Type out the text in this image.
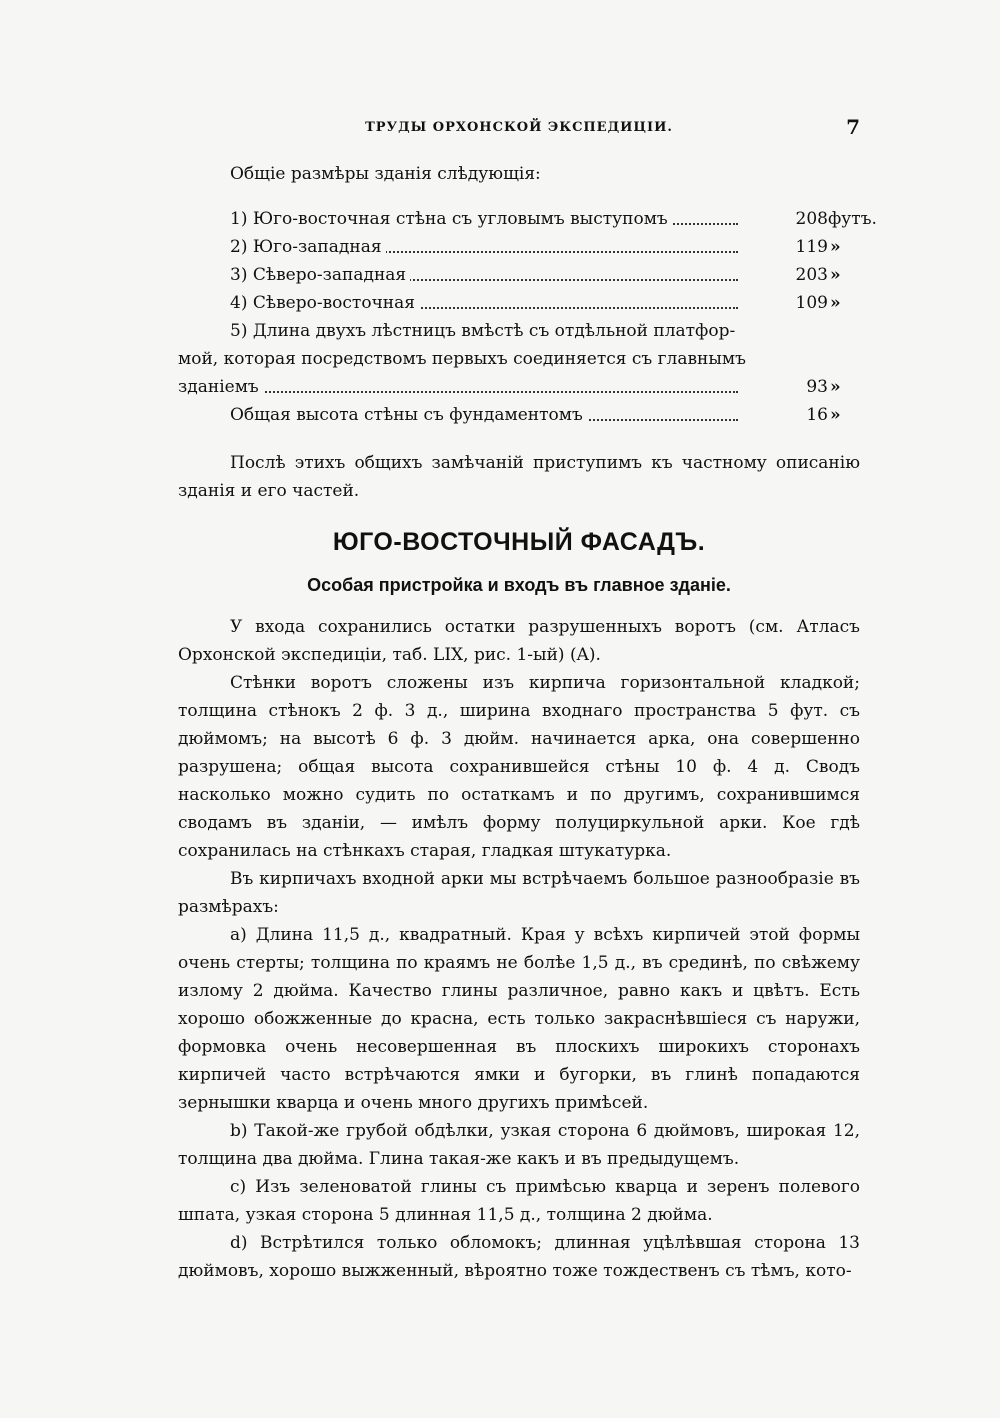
ТРУДЫ ОРХОНСКОЙ ЭКСПЕДИЦІИ.	7
Общіе размѣры зданія слѣдующія:
1) Юго-восточная стѣна съ угловымъ выступомъ	208 футъ.
2) Юго-западная	119 »
3) Сѣверо-западная	203 »
4) Сѣверо-восточная	109 »

5) Длина двухъ лѣстницъ вмѣстѣ съ отдѣльной платфор-

мой, которая посредствомъ первыхъ соединяется съ главнымъ

зданіемъ	93 »
Общая высота стѣны съ фундаментомъ	16 »

Послѣ этихъ общихъ замѣчаній приступимъ къ частному описанію зданія и его частей.

ЮГО-ВОСТОЧНЫЙ ФАСАДЪ.
Особая пристройка и входъ въ главное зданіе.

У входа сохранились остатки разрушенныхъ воротъ (см. Атласъ Орхонской экспедиціи, таб. LIX, рис. 1-ый) (A).

Стѣнки воротъ сложены изъ кирпича горизонтальной кладкой; толщина стѣнокъ 2 ф. 3 д., ширина входнаго пространства 5 фут. съ дюймомъ; на высотѣ 6 ф. 3 дюйм. начинается арка, она совершенно разрушена; общая высота сохранившейся стѣны 10 ф. 4 д. Сводъ насколько можно судить по остаткамъ и по другимъ, сохранившимся сводамъ въ зданіи, — имѣлъ форму полуциркульной арки. Кое гдѣ сохранилась на стѣнкахъ старая, гладкая штукатурка.

Въ кирпичахъ входной арки мы встрѣчаемъ большое разнообразіе въ размѣрахъ:

a) Длина 11,5 д., квадратный. Края у всѣхъ кирпичей этой формы очень стерты; толщина по краямъ не болѣе 1,5 д., въ срединѣ, по свѣжему излому 2 дюйма. Качество глины различное, равно какъ и цвѣтъ. Есть хорошо обожженные до красна, есть только закраснѣвшіеся съ наружи, формовка очень несовершенная въ плоскихъ широкихъ сторонахъ кирпичей часто встрѣчаются ямки и бугорки, въ глинѣ попадаются зернышки кварца и очень много другихъ примѣсей.

b) Такой-же грубой обдѣлки, узкая сторона 6 дюймовъ, широкая 12, толщина два дюйма. Глина такая-же какъ и въ предыдущемъ.

c) Изъ зеленоватой глины съ примѣсью кварца и зеренъ полевого шпата, узкая сторона 5 длинная 11,5 д., толщина 2 дюйма.

d) Встрѣтился только обломокъ; длинная уцѣлѣвшая сторона 13 дюймовъ, хорошо выжженный, вѣроятно тоже тождественъ съ тѣмъ, кото-
